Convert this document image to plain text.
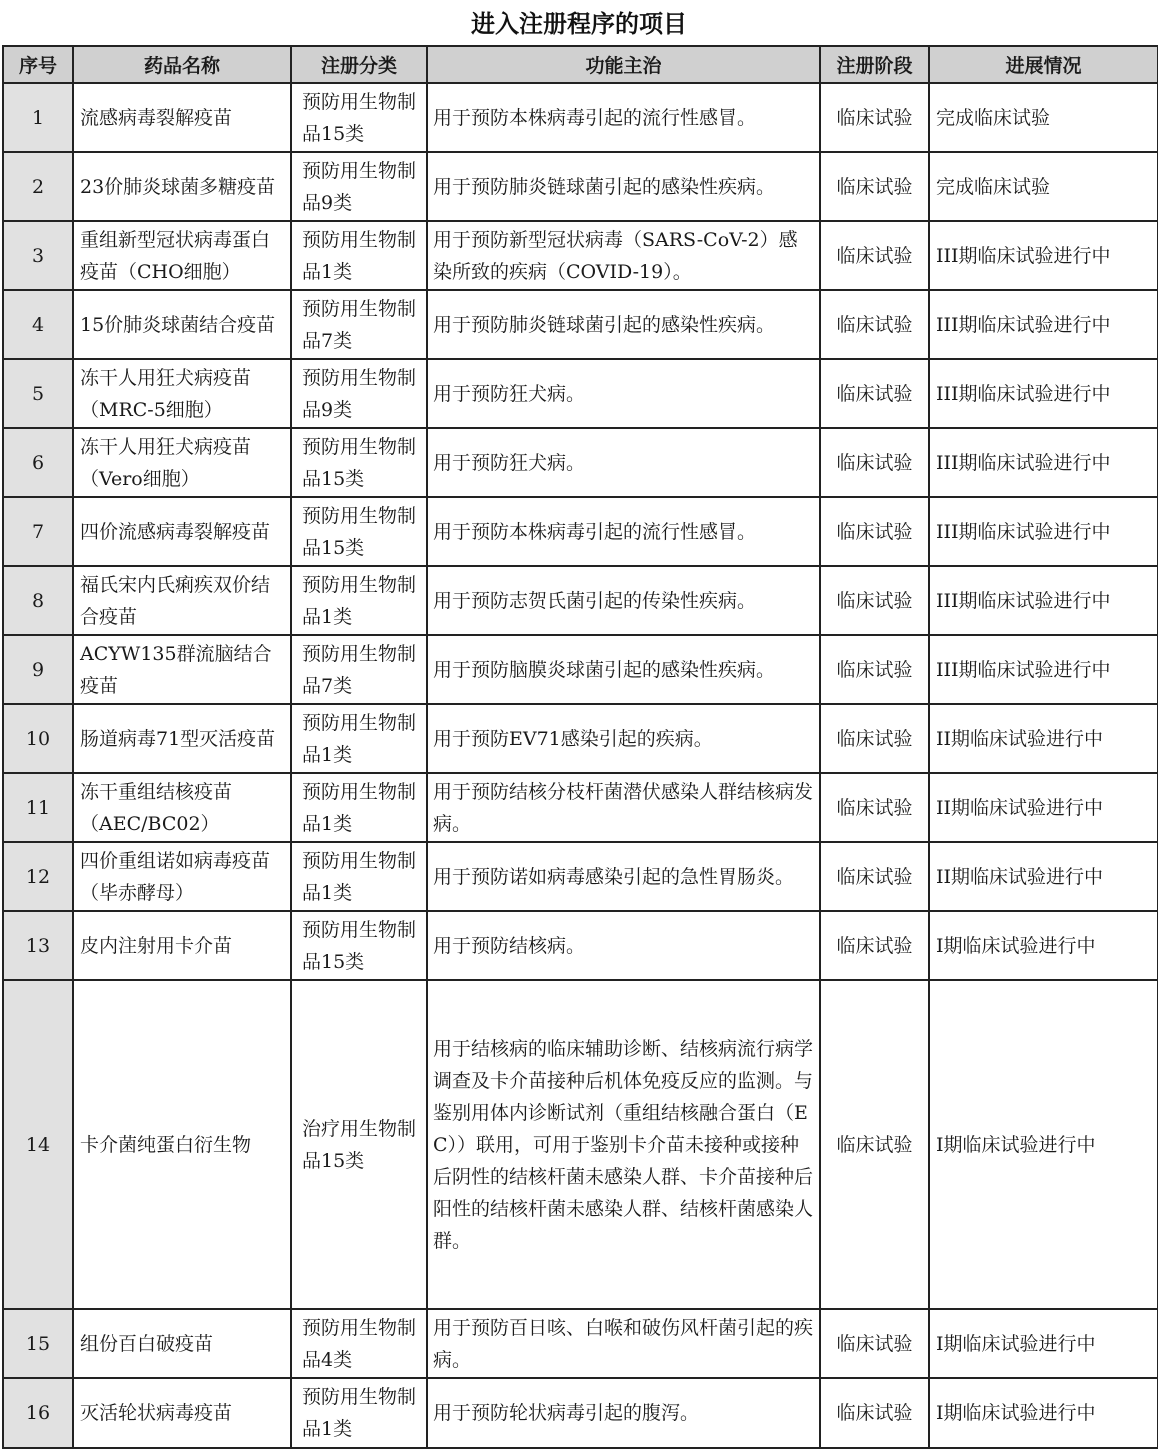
进入注册程序的项目
序号	药品名称	注册分类	功能主治	注册阶段	进展情况
1	流感病毒裂解疫苗	预防用生物制品15类	用于预防本株病毒引起的流行性感冒。	临床试验	完成临床试验
2	23价肺炎球菌多糖疫苗	预防用生物制品9类	用于预防肺炎链球菌引起的感染性疾病。	临床试验	完成临床试验
3	重组新型冠状病毒蛋白疫苗（CHO细胞）	预防用生物制品1类	用于预防新型冠状病毒（SARS-CoV-2）感染所致的疾病（COVID-19）。	临床试验	III期临床试验进行中
4	15价肺炎球菌结合疫苗	预防用生物制品7类	用于预防肺炎链球菌引起的感染性疾病。	临床试验	III期临床试验进行中
5	冻干人用狂犬病疫苗（MRC-5细胞）	预防用生物制品9类	用于预防狂犬病。	临床试验	III期临床试验进行中
6	冻干人用狂犬病疫苗（Vero细胞）	预防用生物制品15类	用于预防狂犬病。	临床试验	III期临床试验进行中
7	四价流感病毒裂解疫苗	预防用生物制品15类	用于预防本株病毒引起的流行性感冒。	临床试验	III期临床试验进行中
8	福氏宋内氏痢疾双价结合疫苗	预防用生物制品1类	用于预防志贺氏菌引起的传染性疾病。	临床试验	III期临床试验进行中
9	ACYW135群流脑结合疫苗	预防用生物制品7类	用于预防脑膜炎球菌引起的感染性疾病。	临床试验	III期临床试验进行中
10	肠道病毒71型灭活疫苗	预防用生物制品1类	用于预防EV71感染引起的疾病。	临床试验	II期临床试验进行中
11	冻干重组结核疫苗（AEC/BC02）	预防用生物制品1类	用于预防结核分枝杆菌潜伏感染人群结核病发病。	临床试验	II期临床试验进行中
12	四价重组诺如病毒疫苗（毕赤酵母）	预防用生物制品1类	用于预防诺如病毒感染引起的急性胃肠炎。	临床试验	II期临床试验进行中
13	皮内注射用卡介苗	预防用生物制品15类	用于预防结核病。	临床试验	I期临床试验进行中
14	卡介菌纯蛋白衍生物	治疗用生物制品15类	用于结核病的临床辅助诊断、结核病流行病学调查及卡介苗接种后机体免疫反应的监测。与鉴别用体内诊断试剂（重组结核融合蛋白（EC））联用，可用于鉴别卡介苗未接种或接种后阴性的结核杆菌未感染人群、卡介苗接种后阳性的结核杆菌未感染人群、结核杆菌感染人群。	临床试验	I期临床试验进行中
15	组份百白破疫苗	预防用生物制品4类	用于预防百日咳、白喉和破伤风杆菌引起的疾病。	临床试验	I期临床试验进行中
16	灭活轮状病毒疫苗	预防用生物制品1类	用于预防轮状病毒引起的腹泻。	临床试验	I期临床试验进行中
